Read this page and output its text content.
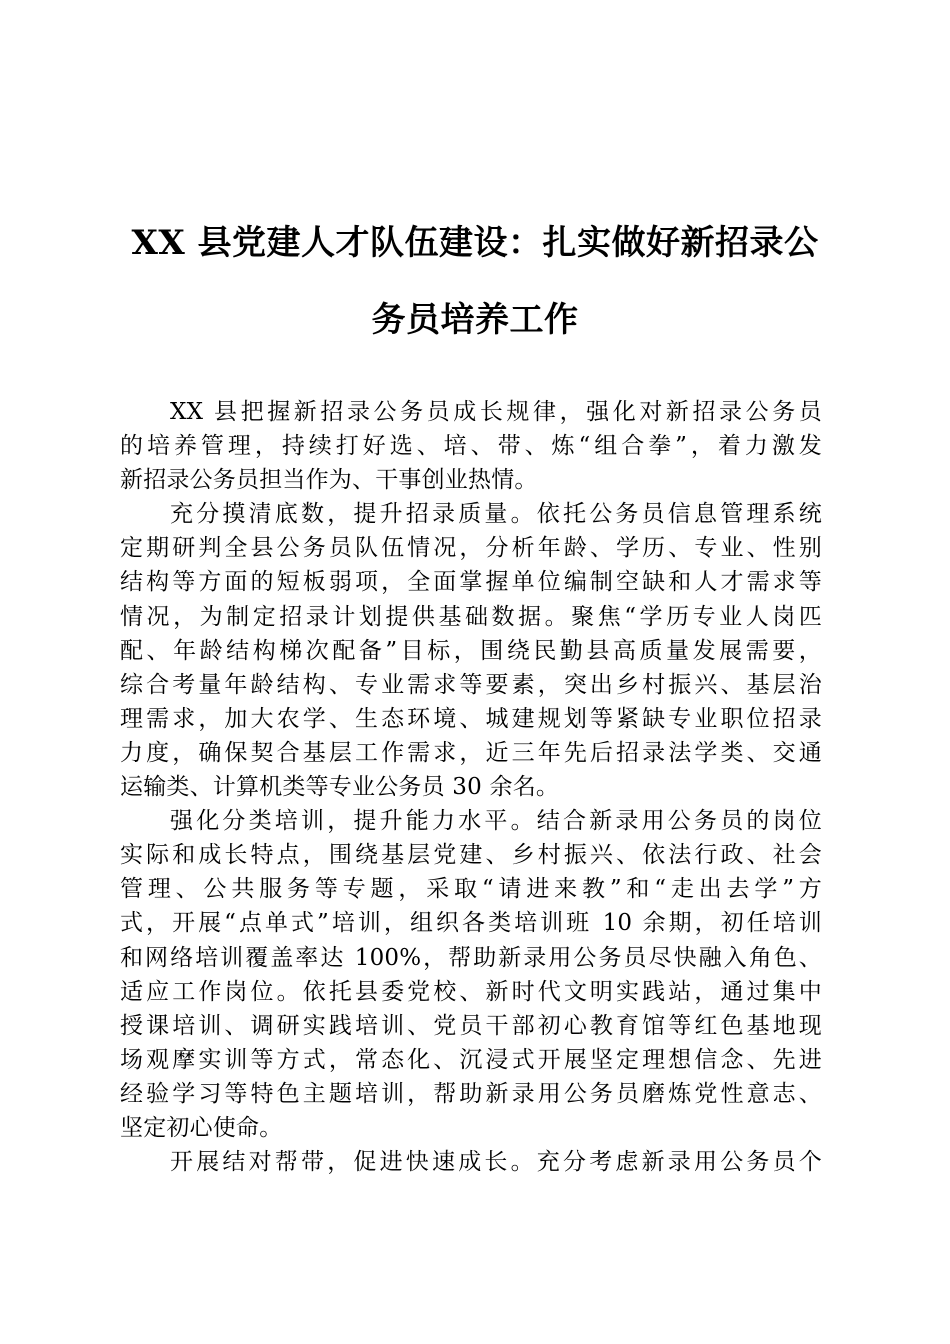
XX 县党建人才队伍建设：扎实做好新招录公
务员培养工作

XX 县把握新招录公务员成长规律，强化对新招录公务员
的培养管理，持续打好选、培、带、炼“组合拳”，着力激发
新招录公务员担当作为、干事创业热情。

充分摸清底数，提升招录质量。依托公务员信息管理系统
定期研判全县公务员队伍情况，分析年龄、学历、专业、性别
结构等方面的短板弱项，全面掌握单位编制空缺和人才需求等
情况，为制定招录计划提供基础数据。聚焦“学历专业人岗匹
配、年龄结构梯次配备”目标，围绕民勤县高质量发展需要，
综合考量年龄结构、专业需求等要素，突出乡村振兴、基层治
理需求，加大农学、生态环境、城建规划等紧缺专业职位招录
力度，确保契合基层工作需求，近三年先后招录法学类、交通
运输类、计算机类等专业公务员 30 余名。

强化分类培训，提升能力水平。结合新录用公务员的岗位
实际和成长特点，围绕基层党建、乡村振兴、依法行政、社会
管理、公共服务等专题，采取“请进来教”和“走出去学”方
式，开展“点单式”培训，组织各类培训班 10 余期，初任培训
和网络培训覆盖率达 100%，帮助新录用公务员尽快融入角色、
适应工作岗位。依托县委党校、新时代文明实践站，通过集中
授课培训、调研实践培训、党员干部初心教育馆等红色基地现
场观摩实训等方式，常态化、沉浸式开展坚定理想信念、先进
经验学习等特色主题培训，帮助新录用公务员磨炼党性意志、
坚定初心使命。

开展结对帮带，促进快速成长。充分考虑新录用公务员个
